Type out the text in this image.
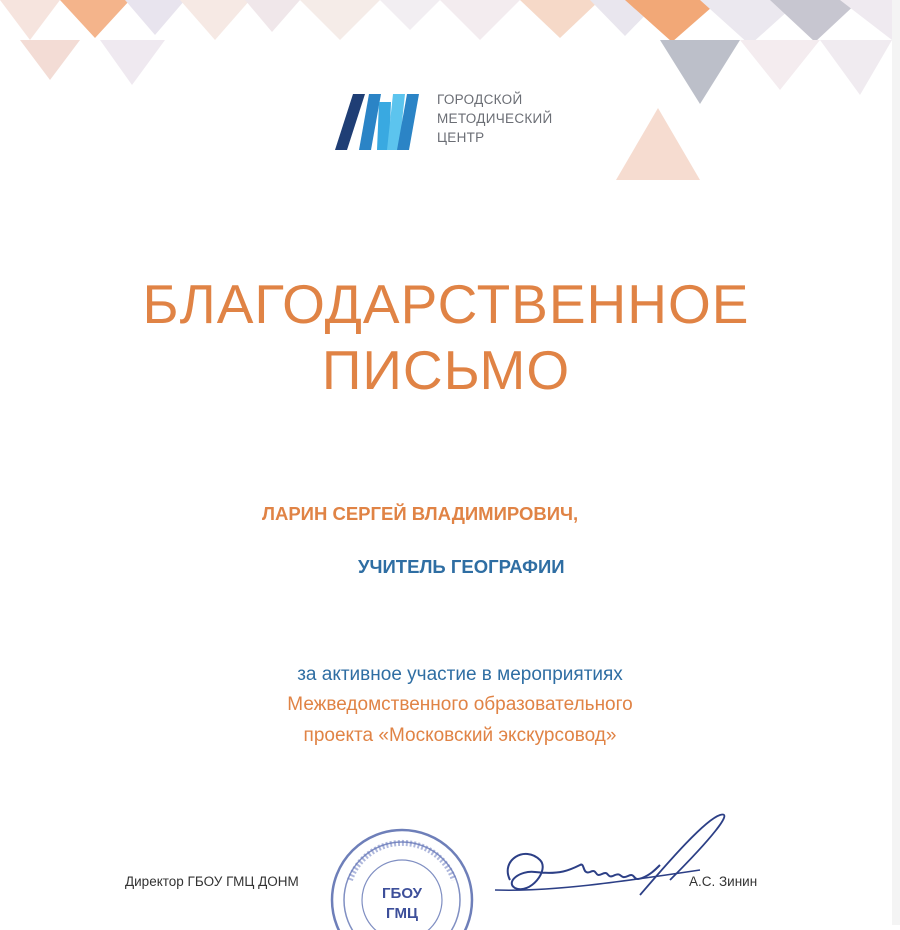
ГОРОДСКОЙ
МЕТОДИЧЕСКИЙ
ЦЕНТР
БЛАГОДАРСТВЕННОЕ
ПИСЬМО
ЛАРИН СЕРГЕЙ ВЛАДИМИРОВИЧ,
УЧИТЕЛЬ ГЕОГРАФИИ
за активное участие в мероприятиях
Межведомственного образовательного
проекта «Московский экскурсовод»
ГБОУ
ГМЦ
Директор ГБОУ ГМЦ ДОНМ	А.С. Зинин
